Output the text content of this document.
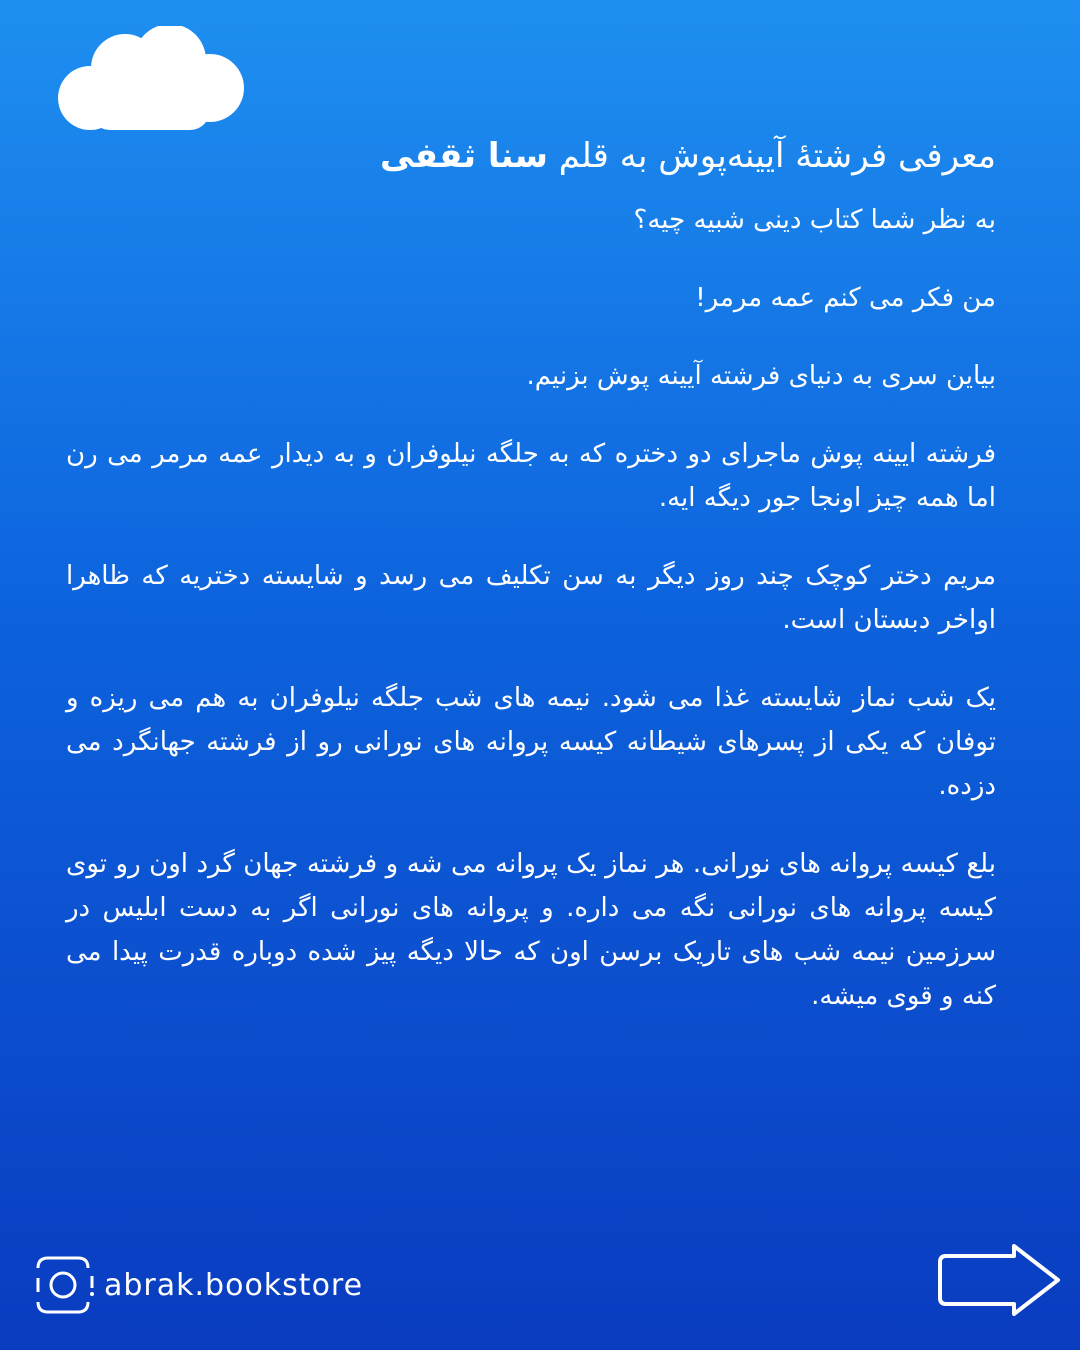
معرفی فرشتهٔ آیینه‌پوش به قلم سنا ثقفی

به نظر شما کتاب دینی شبیه چیه؟

من فکر می کنم عمه مرمر!

بیاین سری به دنیای فرشته آیینه پوش بزنیم.

فرشته ایینه پوش ماجرای دو دختره که به جلگه نیلوفران و به دیدار عمه مرمر می رن اما همه چیز اونجا جور دیگه ایه.

مریم دختر کوچک چند روز دیگر به سن تکلیف می رسد و شایسته دختریه که ظاهرا اواخر دبستان است.

یک شب نماز شایسته غذا می شود. نیمه های شب جلگه نیلوفران به هم می ریزه و توفان که یکی از پسرهای شیطانه کیسه پروانه های نورانی رو از فرشته جهانگرد می دزده.

بلع کیسه پروانه های نورانی. هر نماز یک پروانه می شه و فرشته جهان گرد اون رو توی کیسه پروانه های نورانی نگه می داره. و پروانه های نورانی اگر به دست ابلیس در سرزمین نیمه شب های تاریک برسن اون که حالا دیگه پیز شده دوباره قدرت پیدا می کنه و قوی میشه.

abrak.bookstore
